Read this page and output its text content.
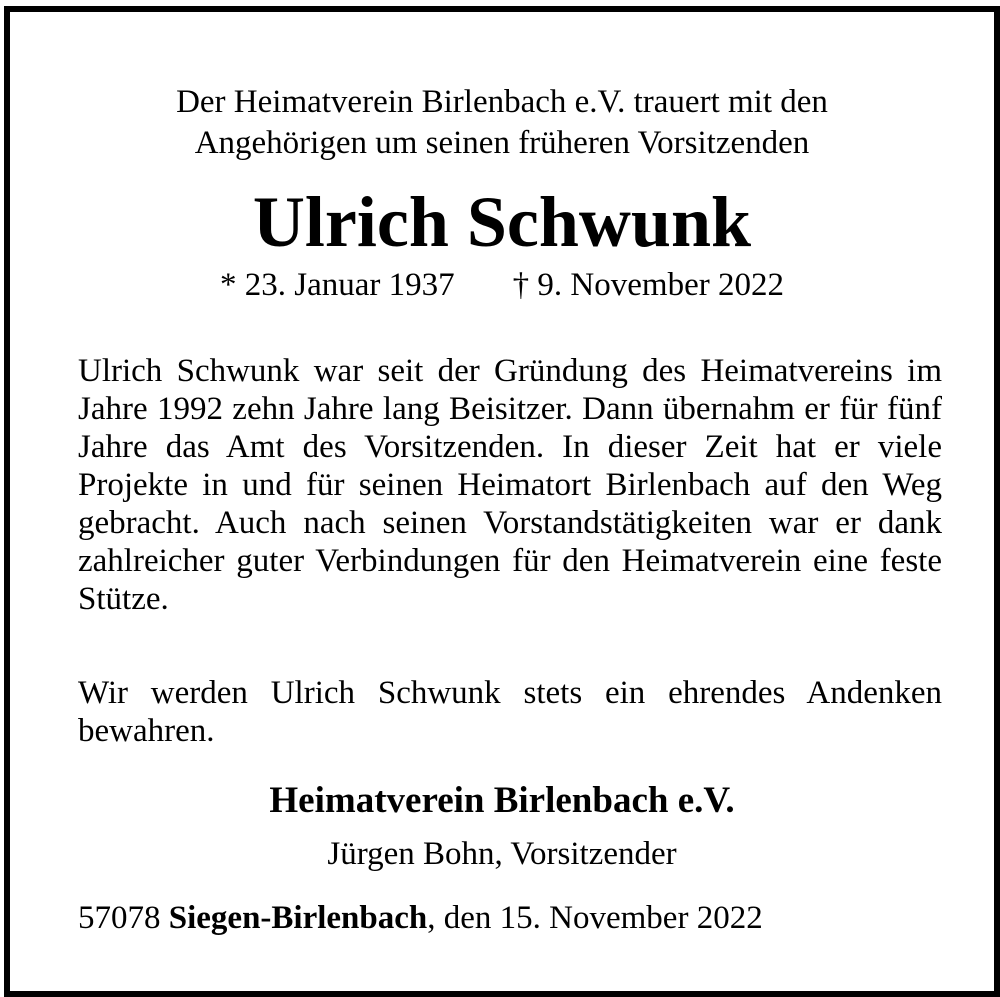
Der Heimatverein Birlenbach e.V. trauert mit den
Angehörigen um seinen früheren Vorsitzenden
Ulrich Schwunk
* 23. Januar 1937 † 9. November 2022
Ulrich Schwunk war seit der Gründung des Heimatvereins im Jahre 1992 zehn Jahre lang Beisitzer. Dann übernahm er für fünf Jahre das Amt des Vorsitzenden. In dieser Zeit hat er viele Projekte in und für seinen Heimatort Birlenbach auf den Weg gebracht. Auch nach seinen Vorstandstätigkeiten war er dank zahlreicher guter Verbindungen für den Heimatverein eine feste Stütze.
Wir werden Ulrich Schwunk stets ein ehrendes Andenken bewahren.
Heimatverein Birlenbach e.V.
Jürgen Bohn, Vorsitzender
57078 Siegen-Birlenbach, den 15. November 2022
